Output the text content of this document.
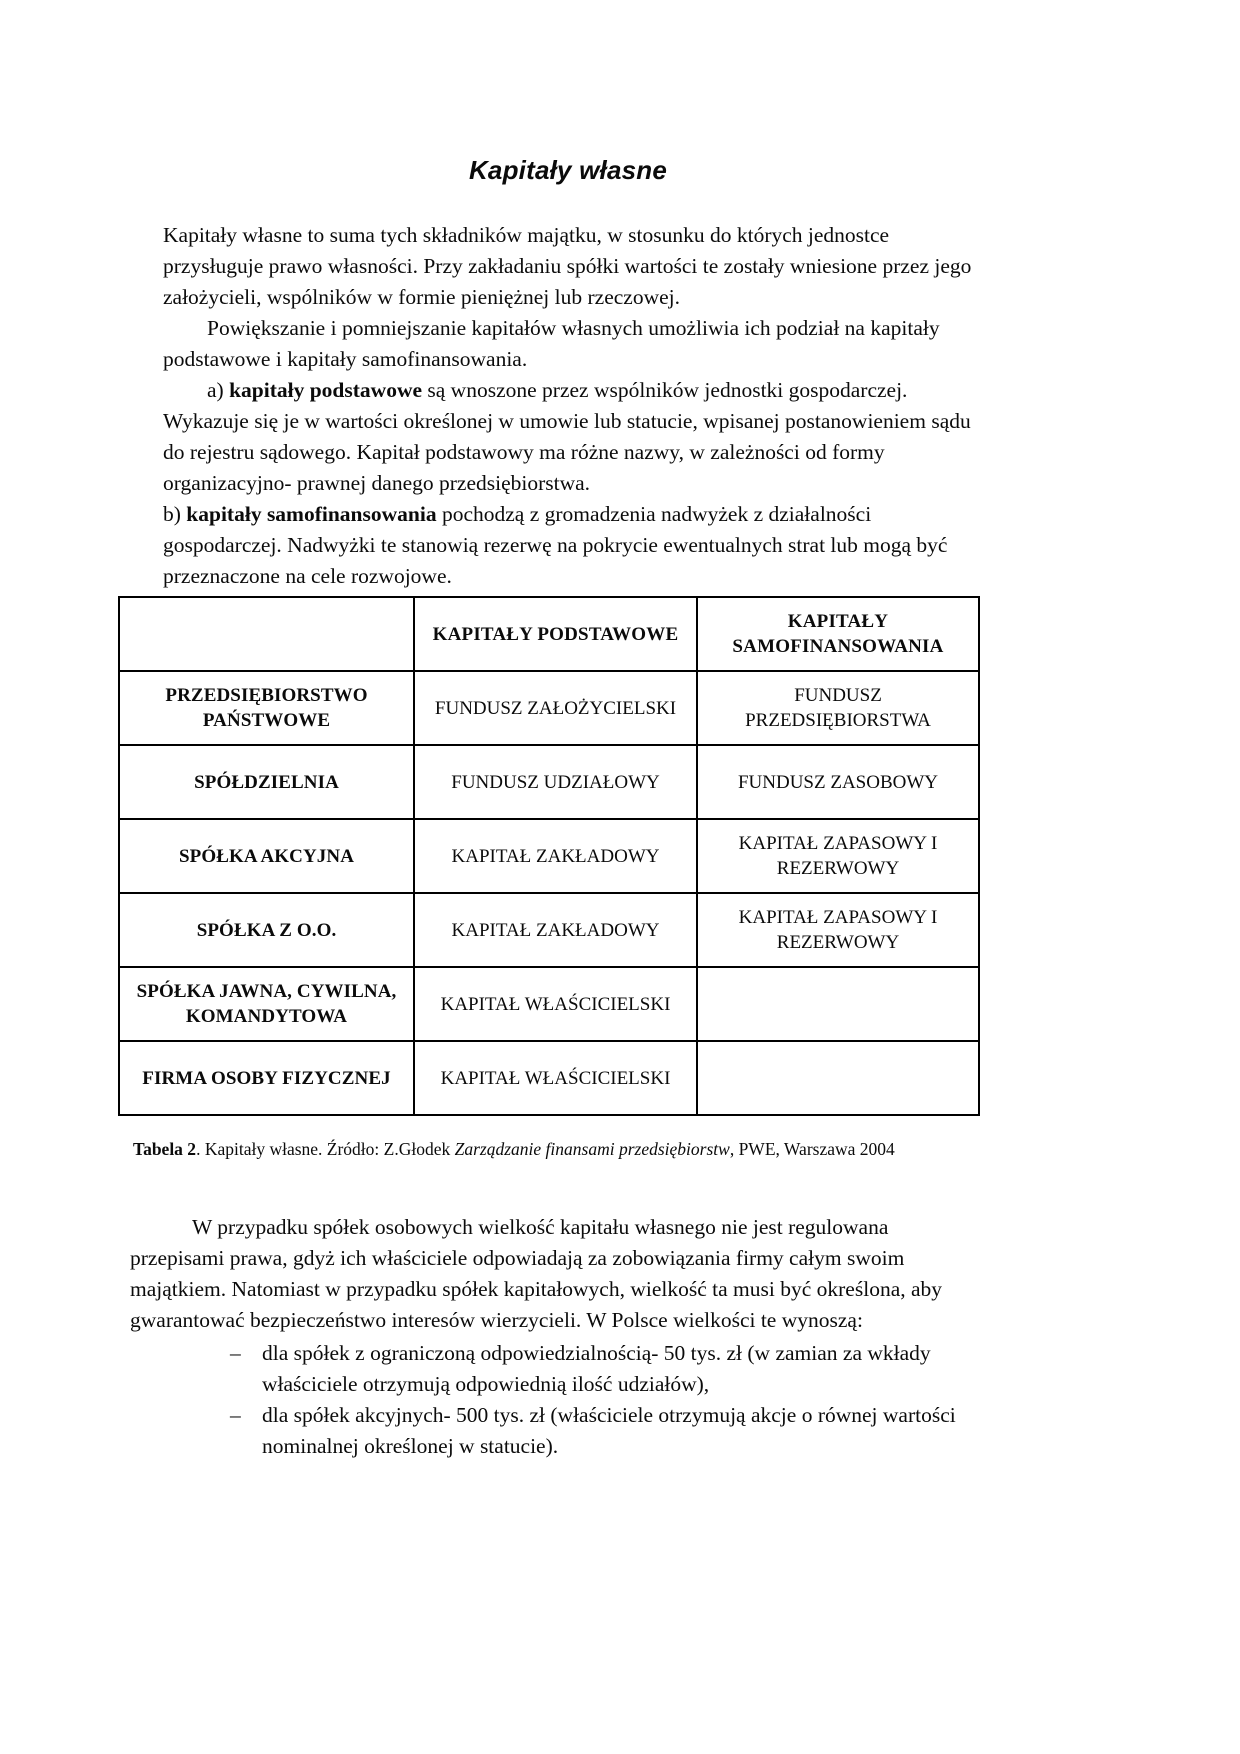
Kapitały własne

Kapitały własne to suma tych składników majątku, w stosunku do których jednostce przysługuje prawo własności. Przy zakładaniu spółki wartości te zostały wniesione przez jego założycieli, wspólników w formie pieniężnej lub rzeczowej.

Powiększanie i pomniejszanie kapitałów własnych umożliwia ich podział na kapitały podstawowe i kapitały samofinansowania.

a) kapitały podstawowe są wnoszone przez wspólników jednostki gospodarczej. Wykazuje się je w wartości określonej w umowie lub statucie, wpisanej postanowieniem sądu do rejestru sądowego. Kapitał podstawowy ma różne nazwy, w zależności od formy organizacyjno- prawnej danego przedsiębiorstwa.

b) kapitały samofinansowania pochodzą z gromadzenia nadwyżek z działalności gospodarczej. Nadwyżki te stanowią rezerwę na pokrycie ewentualnych strat lub mogą być przeznaczone na cele rozwojowe.

	KAPITAŁY PODSTAWOWE	KAPITAŁY SAMOFINANSOWANIA
PRZEDSIĘBIORSTWO PAŃSTWOWE	FUNDUSZ ZAŁOŻYCIELSKI	FUNDUSZ PRZEDSIĘBIORSTWA
SPÓŁDZIELNIA	FUNDUSZ UDZIAŁOWY	FUNDUSZ ZASOBOWY
SPÓŁKA AKCYJNA	KAPITAŁ ZAKŁADOWY	KAPITAŁ ZAPASOWY I REZERWOWY
SPÓŁKA Z O.O.	KAPITAŁ ZAKŁADOWY	KAPITAŁ ZAPASOWY I REZERWOWY
SPÓŁKA JAWNA, CYWILNA, KOMANDYTOWA	KAPITAŁ WŁAŚCICIELSKI	
FIRMA OSOBY FIZYCZNEJ	KAPITAŁ WŁAŚCICIELSKI	
Tabela 2. Kapitały własne. Źródło: Z.Głodek Zarządzanie finansami przedsiębiorstw, PWE, Warszawa 2004

W przypadku spółek osobowych wielkość kapitału własnego nie jest regulowana przepisami prawa, gdyż ich właściciele odpowiadają za zobowiązania firmy całym swoim majątkiem. Natomiast w przypadku spółek kapitałowych, wielkość ta musi być określona, aby gwarantować bezpieczeństwo interesów wierzycieli. W Polsce wielkości te wynoszą:

– dla spółek z ograniczoną odpowiedzialnością- 50 tys. zł (w zamian za wkłady właściciele otrzymują odpowiednią ilość udziałów),
– dla spółek akcyjnych- 500 tys. zł (właściciele otrzymują akcje o równej wartości nominalnej określonej w statucie).
